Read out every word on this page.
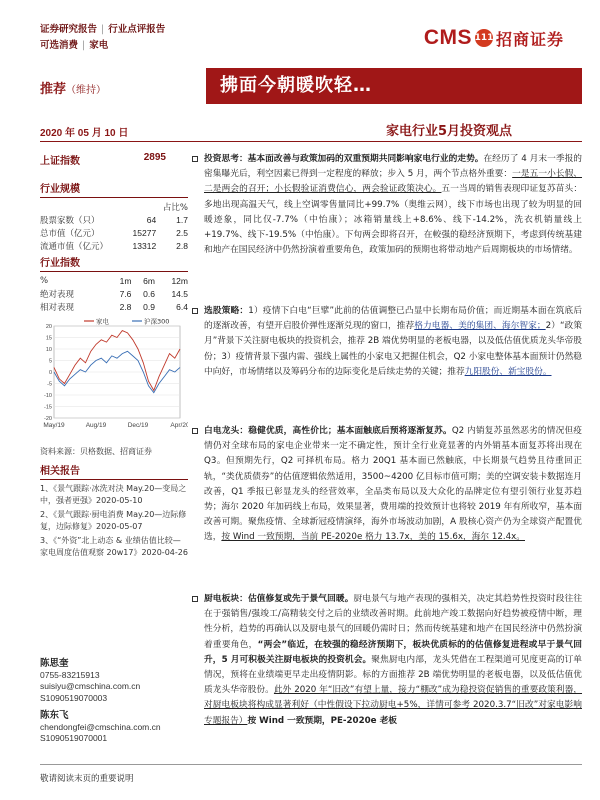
证券研究报告 | 行业点评报告
可选消费 | 家电	CMS 111 招商证券
推荐（维持）	拂面今朝暖吹轻…
2020 年 05 月 10 日	家电行业5月投资观点
上证指数	2895
行业规模
		占比%
股票家数（只）	64	1.7
总市值（亿元）	15277	2.5
流通市值（亿元）	13312	2.8
行业指数
%	1m	6m	12m
绝对表现	7.6	0.6	14.5
相对表现	2.8	0.9	6.4
20
15
10
5
0
-5
-10
-15
-20
May/19	Aug/19	Dec/19	Apr/20
家电	沪深300
资料来源：贝格数据、招商证券
相关报告

1、《景气跟踪·冰洗对決 May.20—变局之中，强者更强》2020-05-10

2、《景气跟踪·厨电消费 May.20—边际修复，边际修复》2020-05-07

3、《“外资”北上动态 & 业绩估值比较—家电周度估值观察 20w17》2020-04-26

陈思奎
0755-83215913
suisiyu@cmschina.com.cn
S1090519070003
陈东飞
chendongfei@cmschina.com.cn
S1090519070001
投资思考：基本面改善与政策加码的双重预期共同影响家电行业的走势。在经历了 4 月末一季报的密集曝光后，利空因素已得到一定程度的释放；步入 5 月，两个节点格外重要：一是五一小长假、二是两会的召开；小长假验证消费信心，两会验证政策决心。五一当周的销售表现印证复苏苗头：多地出现高温天气，线上空调零售量同比+99.7%（奥维云网），线下市场也出现了较为明显的回暖迹象，同比仅-7.7%（中怡康）；冰箱销量线上+8.6%、线下-14.2%，洗衣机销量线上+19.7%、线下-19.5%（中怡康）。下旬两会即将召开，在較强的稳经济预期下，考虑到传统基建和地产在国民经济中仍然扮演着重要角色，政策加码的预期也将带动地产后周期板块的市场情绪。
选股策略：1）疫情下白电“巨擘”此前的估值调整已凸显中长期布局价值；而近期基本面在筑底后的逐渐改善，有望开启股价弹性逐渐兑现的窗口，推荐格力电器、美的集团、海尔智家；2）“政策月”背景下关注厨电板块的投资机会，推荐 2B 端优势明显的老板电器，以及低估值优质龙头华帝股份；3）疫情背景下强内需、强线上属性的小家电又把握住机会，Q2 小家电整体基本面预计仍然稳中向好，市场情绪以及筹码分布的边际变化是后续走势的关键；推荐九阳股份、新宝股份。
白电龙头：稳健优质，高性价比；基本面触底后预将逐渐复苏。Q2 内销复苏虽然恶劣的情况但疫情仍对全球布局的家电企业带来一定不确定性，预计全行业竟显著的内外销基本面复苏将出现在 Q3。但预期先行，Q2 可择机布局。格力 20Q1 基本面已然触底，中长期景气趋势且待重回正轨，“类优质债券”的估值逻辑依然适用，3500~4200 亿目标市值可期；美的空调安装卡数据连月改善，Q1 季报已彰显龙头的经营效率，全品类布局以及大众化的品牌定位有望引领行业复苏趋势；海尔 2020 年加码线上布局，效果显著，费用端的投效预计也将较 2019 年有所收窄，基本面改善可期。聚焦疫情、全球新冠疫情演绎，海外市场波动加剧，A 股核心资产仍为全球资产配置优选，按 Wind 一致预期，当前 PE-2020e 格力 13.7x，美的 15.6x，海尔 12.4x。
厨电板块：估值修复或先于景气回暖。厨电景气与地产表现的强相关，决定其趋势性投资时段往往在于强销售/强竣工/高精装交付之后的业绩改善时期。此前地产竣工数据向好趋势被疫情中断，理性分析，趋势的再确认以及厨电景气的回暖仍需时日；然而传统基建和地产在国民经济中仍然扮演着重要角色，“两会”临近，在较强的稳经济预期下，板块优质标的的估值修复进程或早于景气回升，5 月可积极关注厨电板块的投资机会。聚焦厨电内部，龙头凭借在工程渠道可见度更高的订单情况，预将在业绩端更早走出疫情阴影。标的方面推荐 2B 端优势明显的老板电器，以及低估值优质龙头华帝股份。此外 2020 年“旧改”有望上量，接力“棚改”成为稳投资促销售的重要政策利器，对厨电板块将构成显著利好（中性假设下拉动厨电+5%，详情可参考 2020.3.7“旧改”对家电影响专题报告）按 Wind 一致预期，PE-2020e 老板
敬请阅读末页的重要说明
